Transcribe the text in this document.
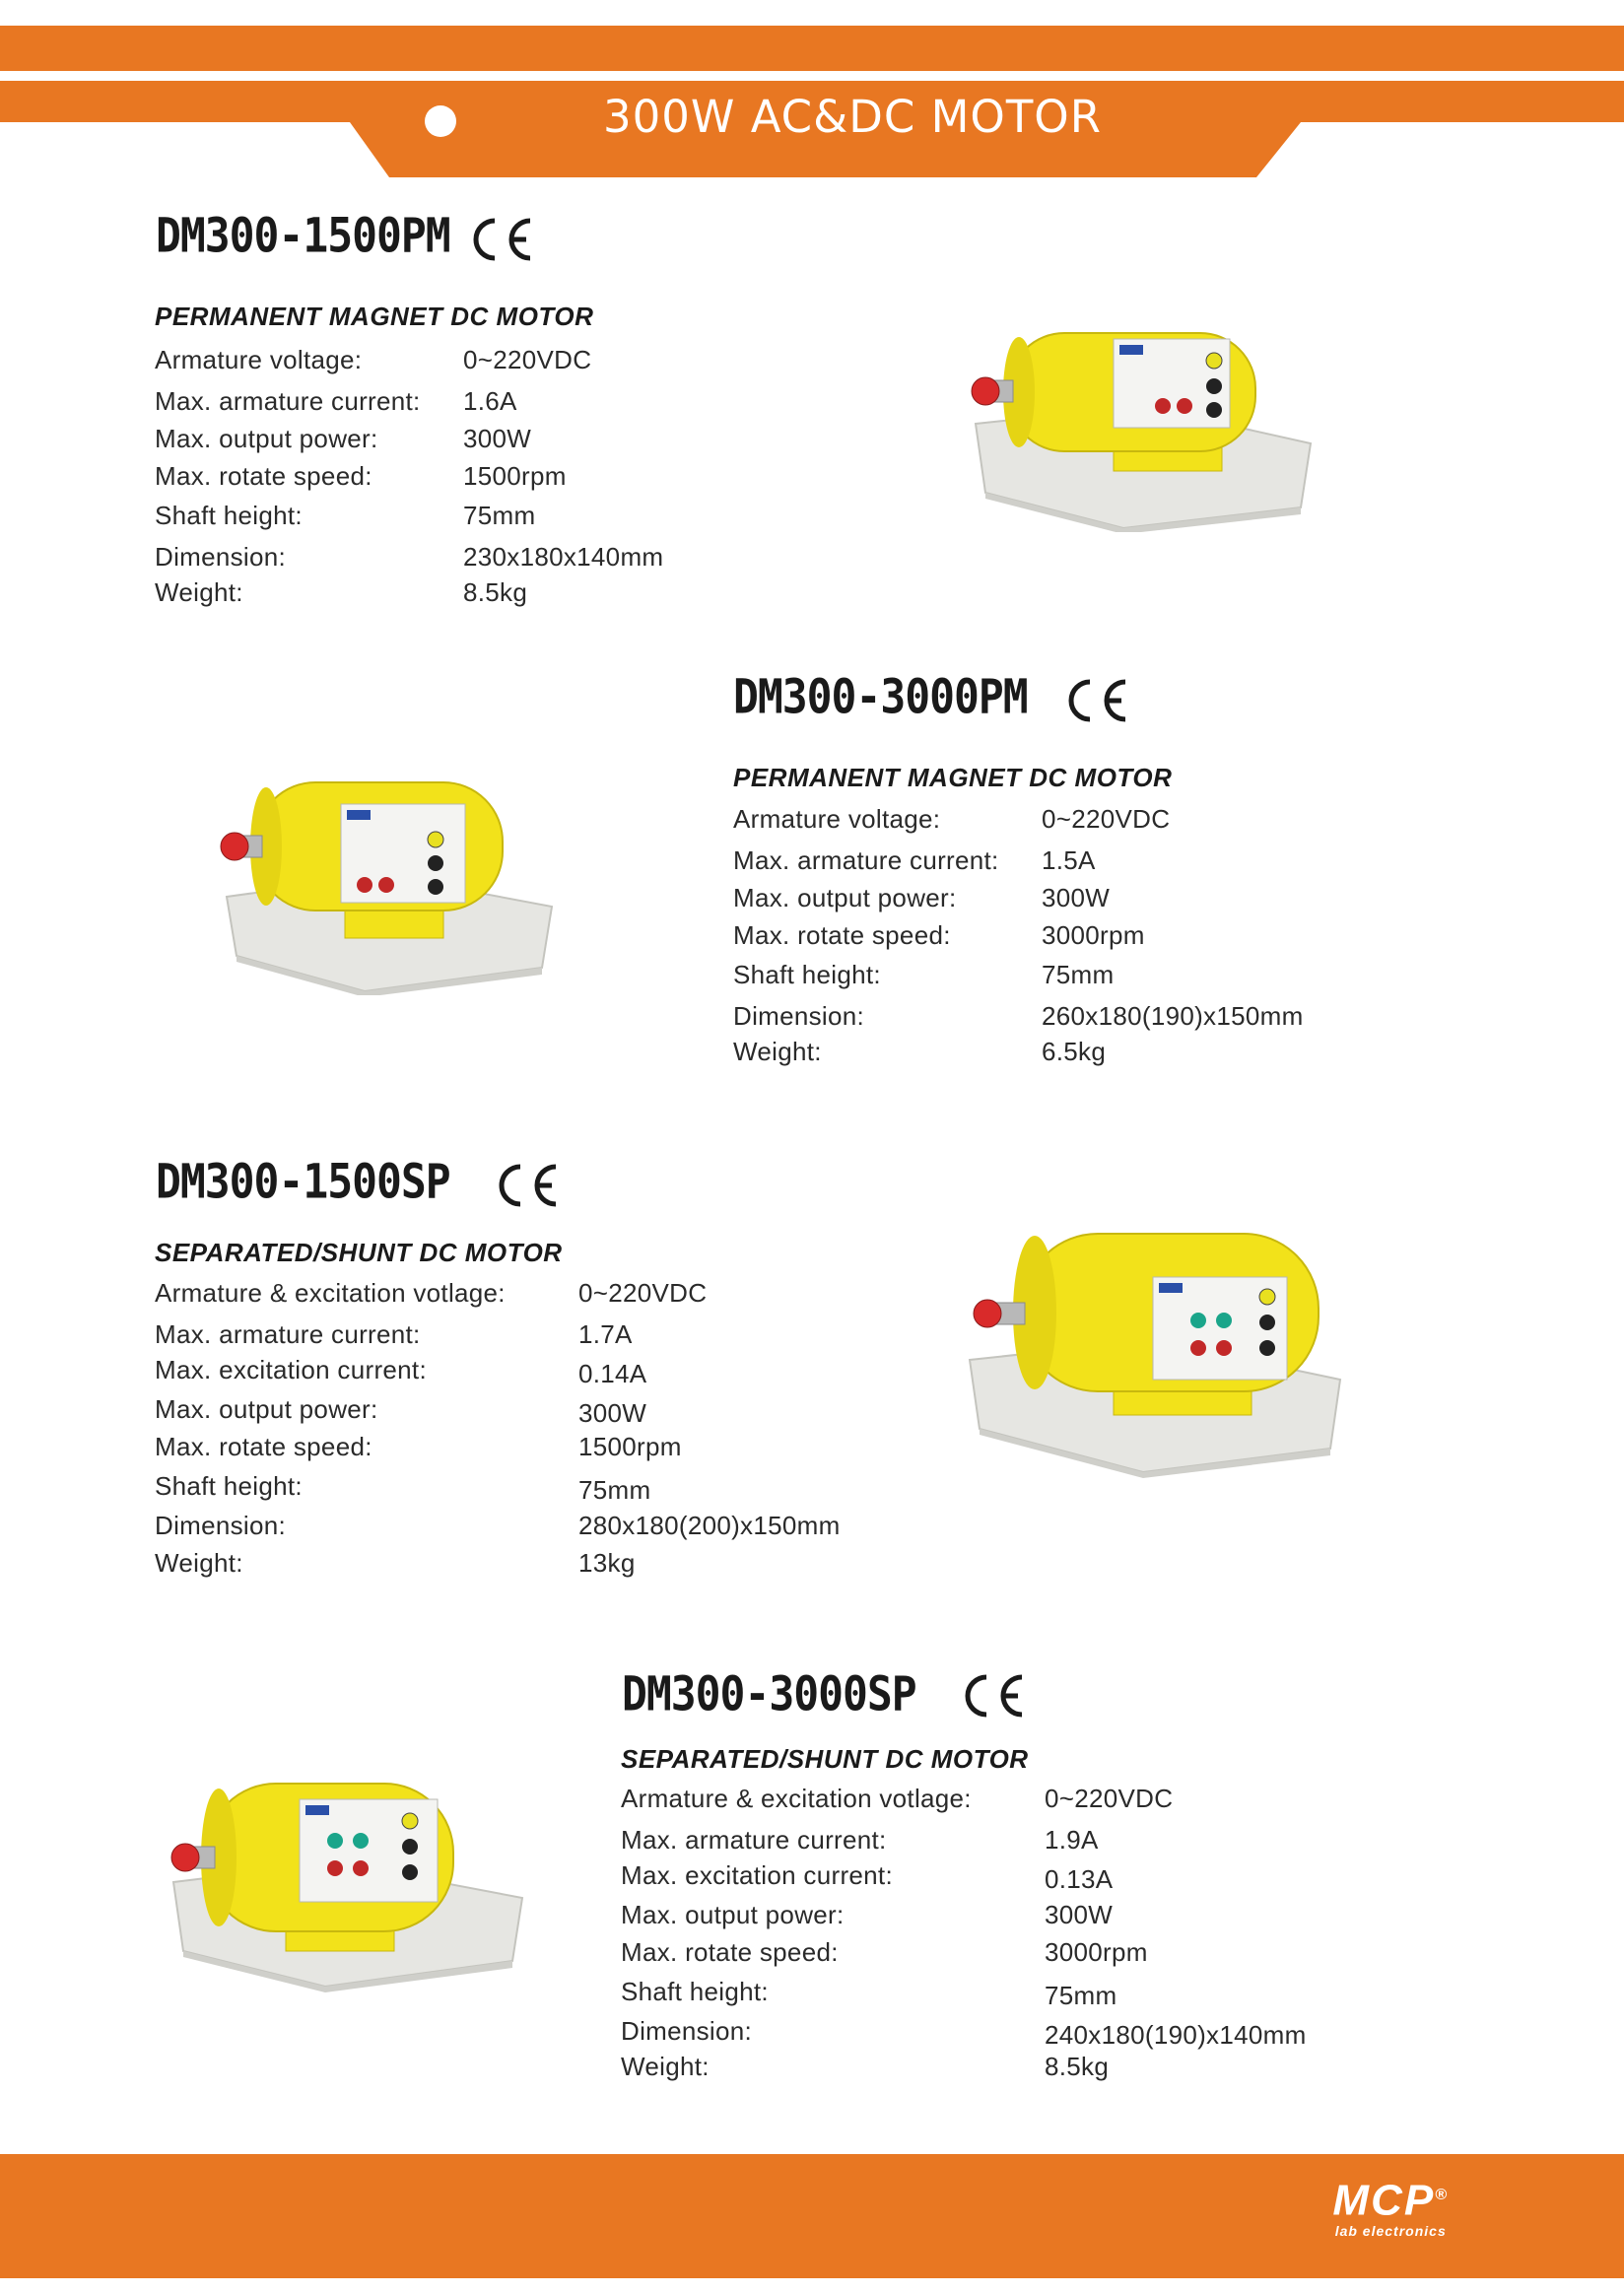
300W AC&DC MOTOR
DM300-1500PM
PERMANENT MAGNET DC MOTOR
Armature voltage:	0~220VDC
Max. armature current: 1.6A
Max. output power:	300W
Max. rotate speed:	1500rpm
Shaft height:	75mm
Dimension:	230x180x140mm
Weight:	8.5kg
DM300-3000PM
PERMANENT MAGNET DC MOTOR
Armature voltage:	0~220VDC
Max. armature current: 1.5A
Max. output power:	300W
Max. rotate speed:	3000rpm
Shaft height:	75mm
Dimension:	260x180(190)x150mm
Weight:	6.5kg
DM300-1500SP
SEPARATED/SHUNT DC MOTOR
Armature & excitation votlage:	0~220VDC
Max. armature current:	1.7A
Max. excitation current:	0.14A
Max. output power:	300W
Max. rotate speed:	1500rpm
Shaft height:	75mm
Dimension:	280x180(200)x150mm
Weight:	13kg
DM300-3000SP
SEPARATED/SHUNT DC MOTOR
Armature & excitation votlage:	0~220VDC
Max. armature current:	1.9A
Max. excitation current:	0.13A
Max. output power:	300W
Max. rotate speed:	3000rpm
Shaft height:	75mm
Dimension:	240x180(190)x140mm
Weight:	8.5kg
MCP®
lab electronics
